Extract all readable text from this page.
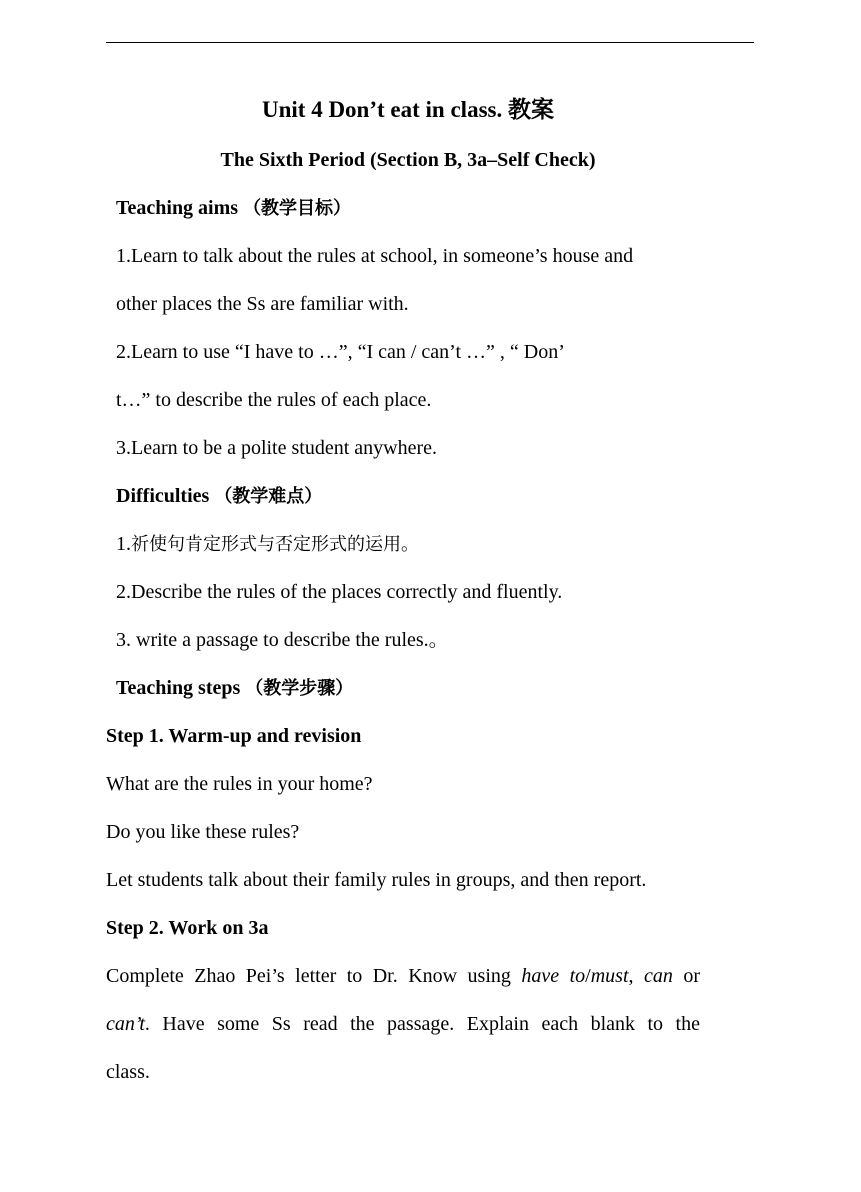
Unit 4 Don’t eat in class. 教案
The Sixth Period (Section B, 3a–Self Check)
Teaching aims （教学目标）
1.Learn to talk about the rules at school, in someone’s house and
other places the Ss are familiar with.
2.Learn to use “I have to …”, “I can / can’t …” , “ Don’
t…” to describe the rules of each place.
3.Learn to be a polite student anywhere.
Difficulties （教学难点）
1.祈使句肯定形式与否定形式的运用。
2.Describe the rules of the places correctly and fluently.
3. write a passage to describe the rules.。
Teaching steps （教学步骤）
Step 1. Warm-up and revision
What are the rules in your home?
Do you like these rules?
Let students talk about their family rules in groups, and then report.
Step 2. Work on 3a
Complete Zhao Pei’s letter to Dr. Know using have to/must, can or
can’t. Have some Ss read the passage. Explain each blank to the
class.
